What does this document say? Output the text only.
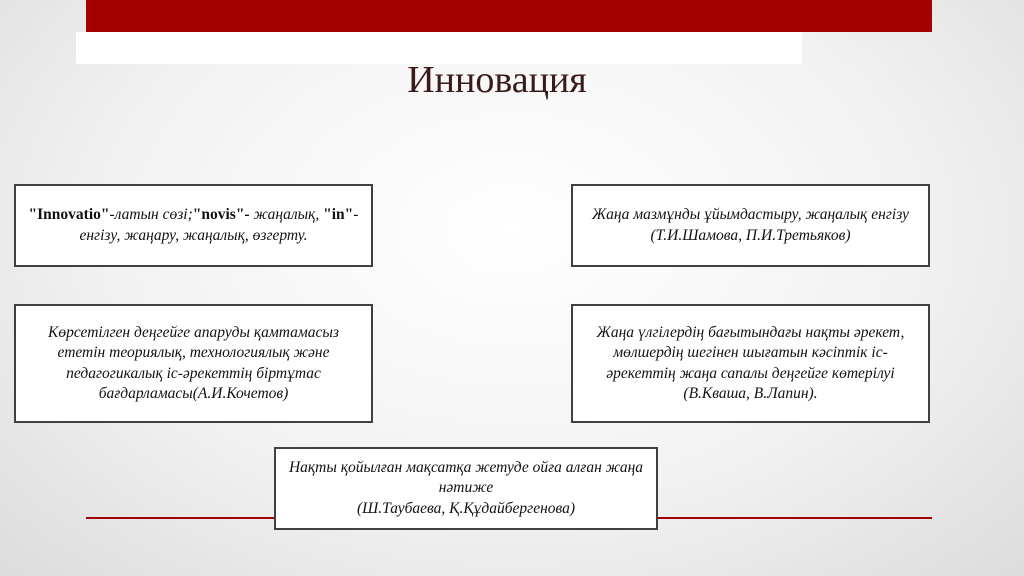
Инновация
"Innovatio"-латын сөзі;"novis"- жаңалық, "in"-енгізу, жаңару, жаңалық, өзгерту.
Жаңа мазмұнды ұйымдастыру, жаңалық енгізу (Т.И.Шамова, П.И.Третьяков)
Көрсетілген деңгейге апаруды қамтамасыз ететін теориялық, технологиялық және педагогикалық іс-әрекеттің біртұтас бағдарламасы(А.И.Кочетов)
Жаңа үлгілердің бағытындағы нақты әрекет, мөлшердің шегінен шығатын кәсіптік іс-әрекеттің жаңа сапалы деңгейге көтерілуі (В.Кваша, В.Лапин).
Нақты қойылған мақсатқа жетуде ойға алған жаңа нәтиже
(Ш.Таубаева, Қ.Құдайбергенова)
